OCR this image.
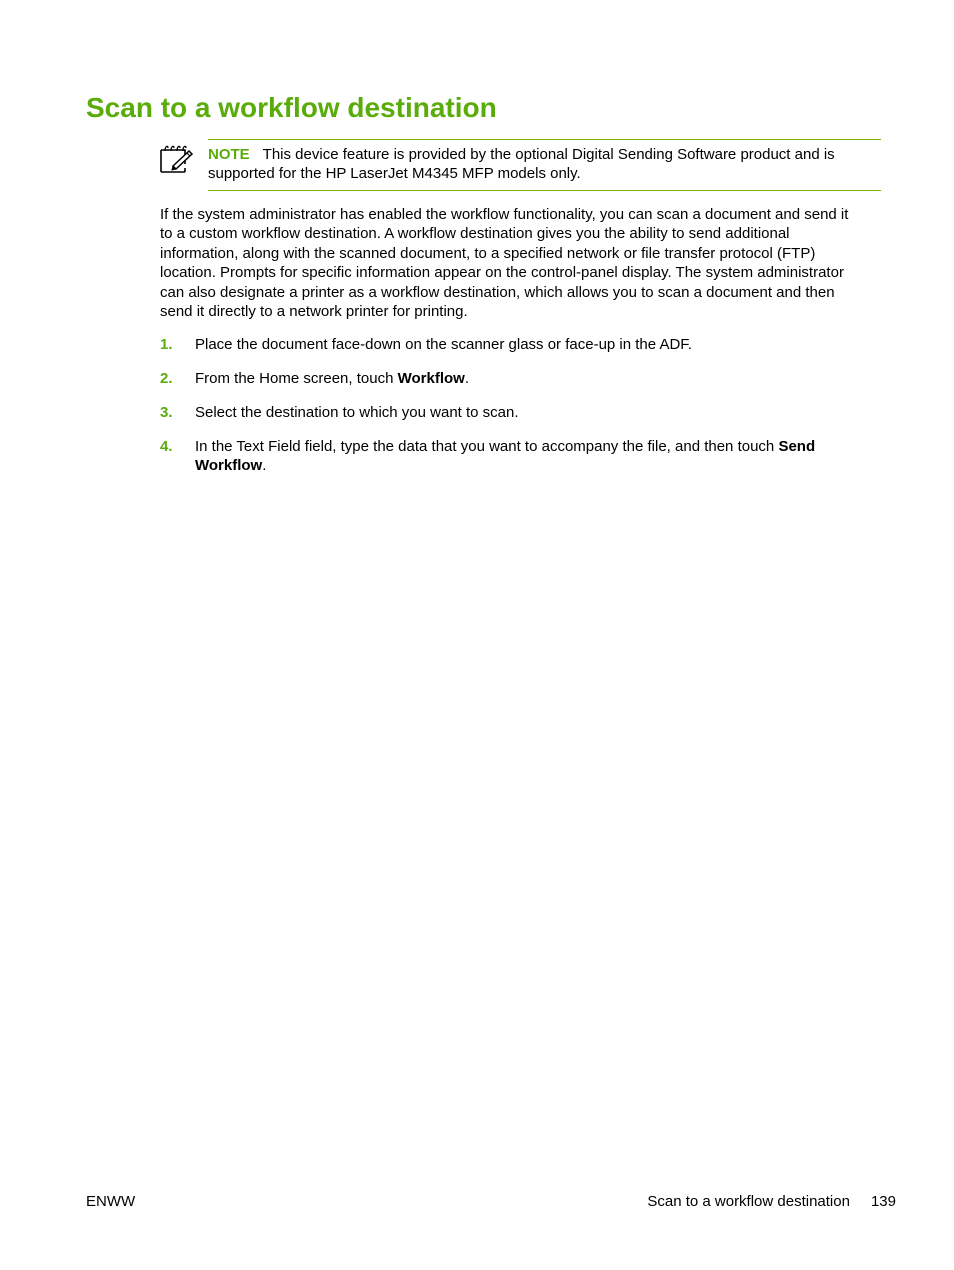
Scan to a workflow destination
NOTE This device feature is provided by the optional Digital Sending Software product and is supported for the HP LaserJet M4345 MFP models only.

If the system administrator has enabled the workflow functionality, you can scan a document and send it to a custom workflow destination. A workflow destination gives you the ability to send additional information, along with the scanned document, to a specified network or file transfer protocol (FTP) location. Prompts for specific information appear on the control-panel display. The system administrator can also designate a printer as a workflow destination, which allows you to scan a document and then send it directly to a network printer for printing.

1. Place the document face-down on the scanner glass or face-up in the ADF.
2. From the Home screen, touch Workflow.
3. Select the destination to which you want to scan.
4. In the Text Field field, type the data that you want to accompany the file, and then touch Send Workflow.
ENWW	Scan to a workflow destination 139
